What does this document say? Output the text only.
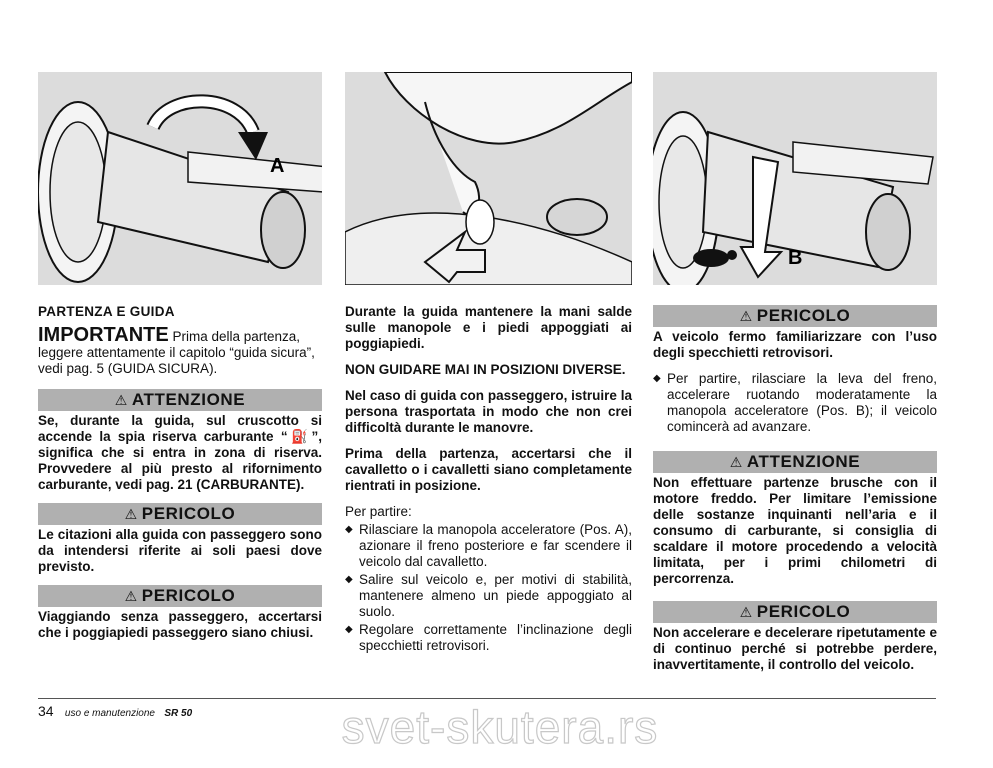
A
B
PARTENZA E GUIDA
IMPORTANTE Prima della partenza, leggere attentamente il capitolo “guida sicura”, vedi pag. 5 (GUIDA SICURA).
⚠ ATTENZIONE
Se, durante la guida, sul cruscotto si accende la spia riserva carburante “⛽”, significa che si entra in zona di riserva. Provvedere al più presto al rifornimento carburante, vedi pag. 21 (CARBURANTE).
⚠ PERICOLO
Le citazioni alla guida con passeggero sono da intendersi riferite ai soli paesi dove previsto.
⚠ PERICOLO
Viaggiando senza passeggero, accertarsi che i poggiapiedi passeggero siano chiusi.
Durante la guida mantenere la mani salde sulle manopole e i piedi appoggiati ai poggiapiedi.
NON GUIDARE MAI IN POSIZIONI DIVERSE.
Nel caso di guida con passeggero, istruire la persona trasportata in modo che non crei difficoltà durante le manovre.
Prima della partenza, accertarsi che il cavalletto o i cavalletti siano completamente rientrati in posizione.
Per partire:
◆ Rilasciare la manopola acceleratore (Pos. A), azionare il freno posteriore e far scendere il veicolo dal cavalletto.
◆ Salire sul veicolo e, per motivi di stabilità, mantenere almeno un piede appoggiato al suolo.
◆ Regolare correttamente l’inclinazione degli specchietti retrovisori.
⚠ PERICOLO
A veicolo fermo familiarizzare con l’uso degli specchietti retrovisori.
◆ Per partire, rilasciare la leva del freno, accelerare ruotando moderatamente la manopola acceleratore (Pos. B); il veicolo comincerà ad avanzare.
⚠ ATTENZIONE
Non effettuare partenze brusche con il motore freddo. Per limitare l’emissione delle sostanze inquinanti nell’aria e il consumo di carburante, si consiglia di scaldare il motore procedendo a velocità limitata, per i primi chilometri di percorrenza.
⚠ PERICOLO
Non accelerare e decelerare ripetutamente e di continuo perché si potrebbe perdere, inavvertitamente, il controllo del veicolo.
34 uso e manutenzione SR 50	svet-skutera.rs
